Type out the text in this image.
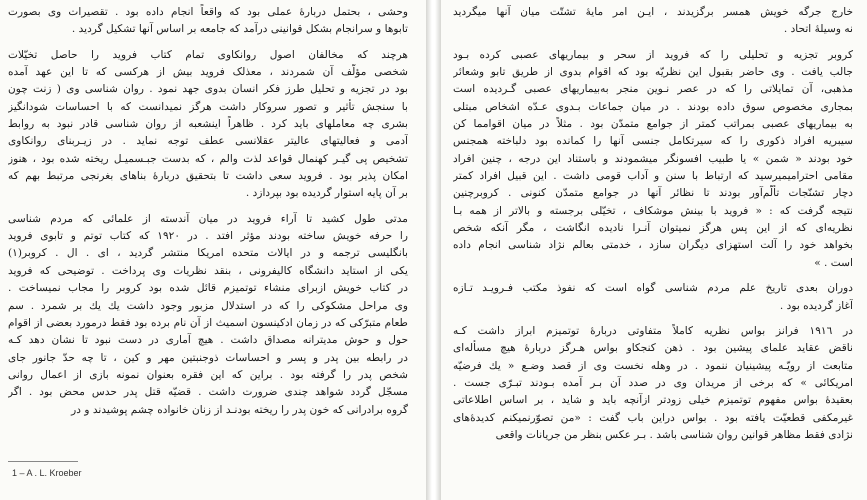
وحشی ، بحتمل دربارهٔ عملی بود که واقعاً انجام داده بود . تقصیرات وی بصورت
تابوها و سرانجام بشکل قوانینی درآمد که جامعه بر اساس آنها تشکیل گردید .
هرچند که مخالفان اصول روانکاوی تمام کتاب فروید را حاصل تخیّلات
شخصی مؤلّف آن شمردند ، معذلک فروید بیش از هرکسی که تا این عهد آمده
بود در تجزیه و تحلیل طرز فکر انسان بدوی جهد نمود . روان شناسی وی ( زنت چون
با سنجش تأثیر و تصور سروکار داشت هرگز نمیدانست که با احساسات شودانگیز
بشری چه معاملهای باید کرد . ظاهراً اینشعبه از روان شناسی قادر نبود به روابط
آدمی و فعالیتهای عالیتر عقلانسی عطف توجه نماید . در زیـربنای روانکاوی
تشخیص پی گیـر کهنمال قواعد لذت والم ، که بدست جبـسمیـل ریخته شده بود ، هنوز
امکان پذیر بود . فروید سعی داشت تا بتحقیق دربارهٔ بناهای بغرنجی مرتبط بهم که
بر آن پایه استوار گردیده بود بپردازد .
مدتی طول کشید تا آراء فروید در میان آندسته از علمائی که مردم شناسی
را حرفه خویش ساخته بودند مؤثر افتد . در ۱۹۲۰ که کتاب توتم و تابوی فروید
بانگلیسی ترجمه و در ایالات متحده امریکا منتشر گردید ، ای . ال . کروبر(۱)
یکی از استاید دانشگاه کالیفرونی ، بنقد نظریات وی پرداخت . توضیحی که فروید
در کتاب خویش ازبرای منشاء توتمیزم قائل شده بود کروبر را مجاب نمیساخت .
وی مراحل مشکوکی را که در استدلال مزبور وجود داشت یك یك بر شمرد . سم
طعام متبرّکی که در زمان ادکینسون اسمیث از آن نام برده بود فقط درمورد بعضی از اقوام
حول و حوش مدیترانه مصداق داشت . هیچ آماری در دست نبود تا نشان دهد کـه
در رابطه بین پدر و پسر و احساسات ذوجنبتین مهر و کین ، تا چه حدّ جانور جای
شخص پدر را گرفته بود . براین که این فقره بعنوان نمونه بازی از اعمال روانی
مسجّل گردد شواهد چندی ضرورت داشت . قضیّه قتل پدر حدس محض بود . اگر
گروه برادرانی که خون پدر را ریخته بودنـد از زنان خانواده چشم پوشیدند و در
1 – A . L. Kroeber
خارج جرگه خویش همسر برگزیدند ، ایـن امر مایهٔ تشتّت میان آنها میگردید
نه وسیلهٔ اتحاد .
کروبر تجزیه و تحلیلی را که فروید از سحر و بیماریهای عصبی کرده بـود
جالب یافت . وی حاضر بقبول این نظریّه بود که اقوام بدوی از طریق تابو وشعائر
مذهبی، آن تمایلاتی را که در عصر نـوین منجر به‌بیماریهای عصبی گـردیده است
بمجاری مخصوص سوق داده بودند . در میان جماعات بـدوی عـدّه اشخاص مبتلی
به بیماریهای عصبی بمراتب کمتر از جوامع متمدّن بود . مثلاً در میان اقوامما کن
سیبریه افراد ذکوری را که سیرتکامل جنسی آنها را کمانده بود دلباخته همجنس
خود بودند « شمن » یا طبیب افسونگر میشمودند و باستناد این درجه ، چنین افراد
مقامی احترامیمیرسید که ارتباط با سنن و آداب قومی داشت . این قبیل افراد کمتر
دچار تشنّجات تألّم‌آور بودند تا نظائر آنها در جوامع متمدّن کنونی . کروبرچنین
نتیجه گرفت که : « فروید با بینش موشکاف ، تخیّلی برجسته و بالاتر از همه بـا
نظریه‌ای که از این پس هرگز نمیتوان آنـرا نادیده انگاشت ، مگر آنکه شخص
بخواهد خود را آلت استهزای دیگران سازد ، خدمتی بعالم نژاد شناسی انجام داده
است . »
دوران بعدی تاریخ علم مردم شناسی گواه است که نفوذ مکتب فـرویـد تـازه
آغاز گردیده بود .
در ۱۹۱٦ فرانز بواس نظریه کاملاً متفاوتی دربارهٔ توتمیزم ابراز داشت کـه
ناقض عقاید علمای پیشین بود . ذهن کنجکاو بواس هـرگز دربارهٔ هیچ مسأله‌ای
متابعت از رویّـه پیشینیان ننمود . در وهله نخست وی از قصد وضـع « یك فرضیّه
امریکائی » که برخی از مریدان وی در صدد آن بـر آمده بـودند تبـرّی جست .
بعقیدهٔ بواس مفهوم توتمیزم خیلی زودتر ازآنچه باید و شاید ، بر اساس اطلاعاتی
غیرمکفی قطعیّت یافته بود . بواس دراین باب گفت : «من تصوّرنمیکنم کدیدهٔ‌های
نژادی فقط مظاهر قوانین روان شناسی باشد . بـر عکس بنظر من جریانات واقعی
